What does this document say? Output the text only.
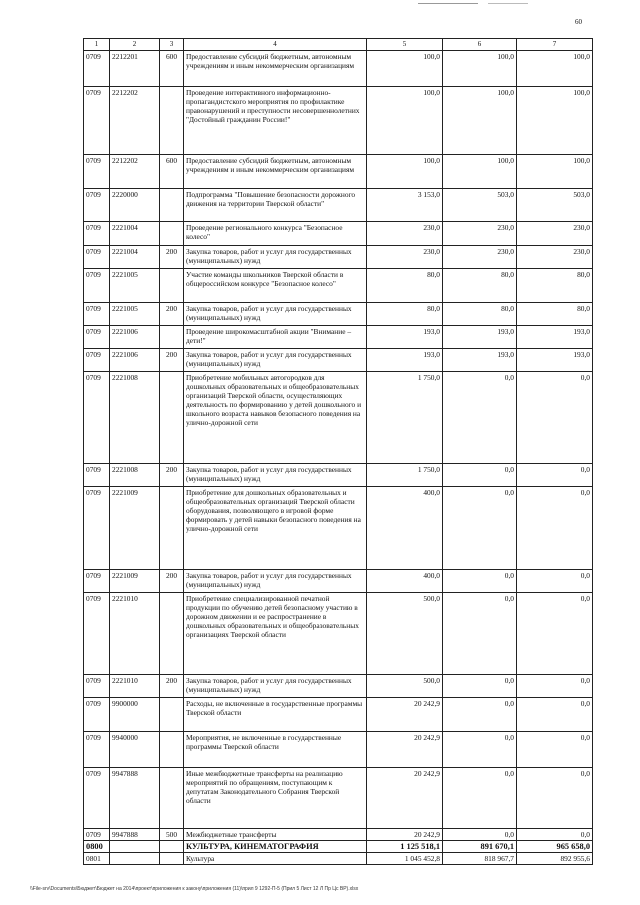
60
1	2	3	4	5	6	7
0709	2212201	600	Предоставление субсидий бюджетным, автономным учреждениям и иным некоммерческим организациям	100,0	100,0	100,0
0709	2212202		Проведение интерактивного информационно-пропагандистского мероприятия по профилактике правонарушений и преступности несовершеннолетних "Достойный гражданин России!"	100,0	100,0	100,0
0709	2212202	600	Предоставление субсидий бюджетным, автономным учреждениям и иным некоммерческим организациям	100,0	100,0	100,0
0709	2220000		Подпрограмма "Повышение безопасности дорожного движения на территории Тверской области"	3 153,0	503,0	503,0
0709	2221004		Проведение регионального конкурса "Безопасное колесо"	230,0	230,0	230,0
0709	2221004	200	Закупка товаров, работ и услуг для государственных (муниципальных) нужд	230,0	230,0	230,0
0709	2221005		Участие команды школьников Тверской области в общероссийском конкурсе "Безопасное колесо"	80,0	80,0	80,0
0709	2221005	200	Закупка товаров, работ и услуг для государственных (муниципальных) нужд	80,0	80,0	80,0
0709	2221006		Проведение широкомасштабной акции "Внимание – дети!"	193,0	193,0	193,0
0709	2221006	200	Закупка товаров, работ и услуг для государственных (муниципальных) нужд	193,0	193,0	193,0
0709	2221008		Приобретение мобильных автогородков для дошкольных образовательных и общеобразовательных организаций Тверской области, осуществляющих деятельность по формированию у детей дошкольного и школьного возраста навыков безопасного поведения на улично-дорожной сети	1 750,0	0,0	0,0
0709	2221008	200	Закупка товаров, работ и услуг для государственных (муниципальных) нужд	1 750,0	0,0	0,0
0709	2221009		Приобретение для дошкольных образовательных и общеобразовательных организаций Тверской области оборудования, позволяющего в игровой форме формировать у детей навыки безопасного поведения на улично-дорожной сети	400,0	0,0	0,0
0709	2221009	200	Закупка товаров, работ и услуг для государственных (муниципальных) нужд	400,0	0,0	0,0
0709	2221010		Приобретение специализированной печатной продукции по обучению детей безопасному участию в дорожном движении и ее распространение в дошкольных образовательных и общеобразовательных организациях Тверской области	500,0	0,0	0,0
0709	2221010	200	Закупка товаров, работ и услуг для государственных (муниципальных) нужд	500,0	0,0	0,0
0709	9900000		Расходы, не включенные в государственные программы Тверской области	20 242,9	0,0	0,0
0709	9940000		Мероприятия, не включенные в государственные программы Тверской области	20 242,9	0,0	0,0
0709	9947888		Иные межбюджетные трансферты на реализацию мероприятий по обращениям, поступающим к депутатам Законодательного Собрания Тверской области	20 242,9	0,0	0,0
0709	9947888	500	Межбюджетные трансферты	20 242,9	0,0	0,0
0800			КУЛЬТУРА, КИНЕМАТОГРАФИЯ	1 125 518,1	891 670,1	965 658,0
0801			Культура	1 045 452,8	818 967,7	892 955,6
\\File-srv\Documents\Бюджет\Бюджет на 2014\проект\приложения к закону\приложения (11)\прил 9 1292-П-5 (Прил 5 Лист 12 Л Пр Цс ВР).xlsx
